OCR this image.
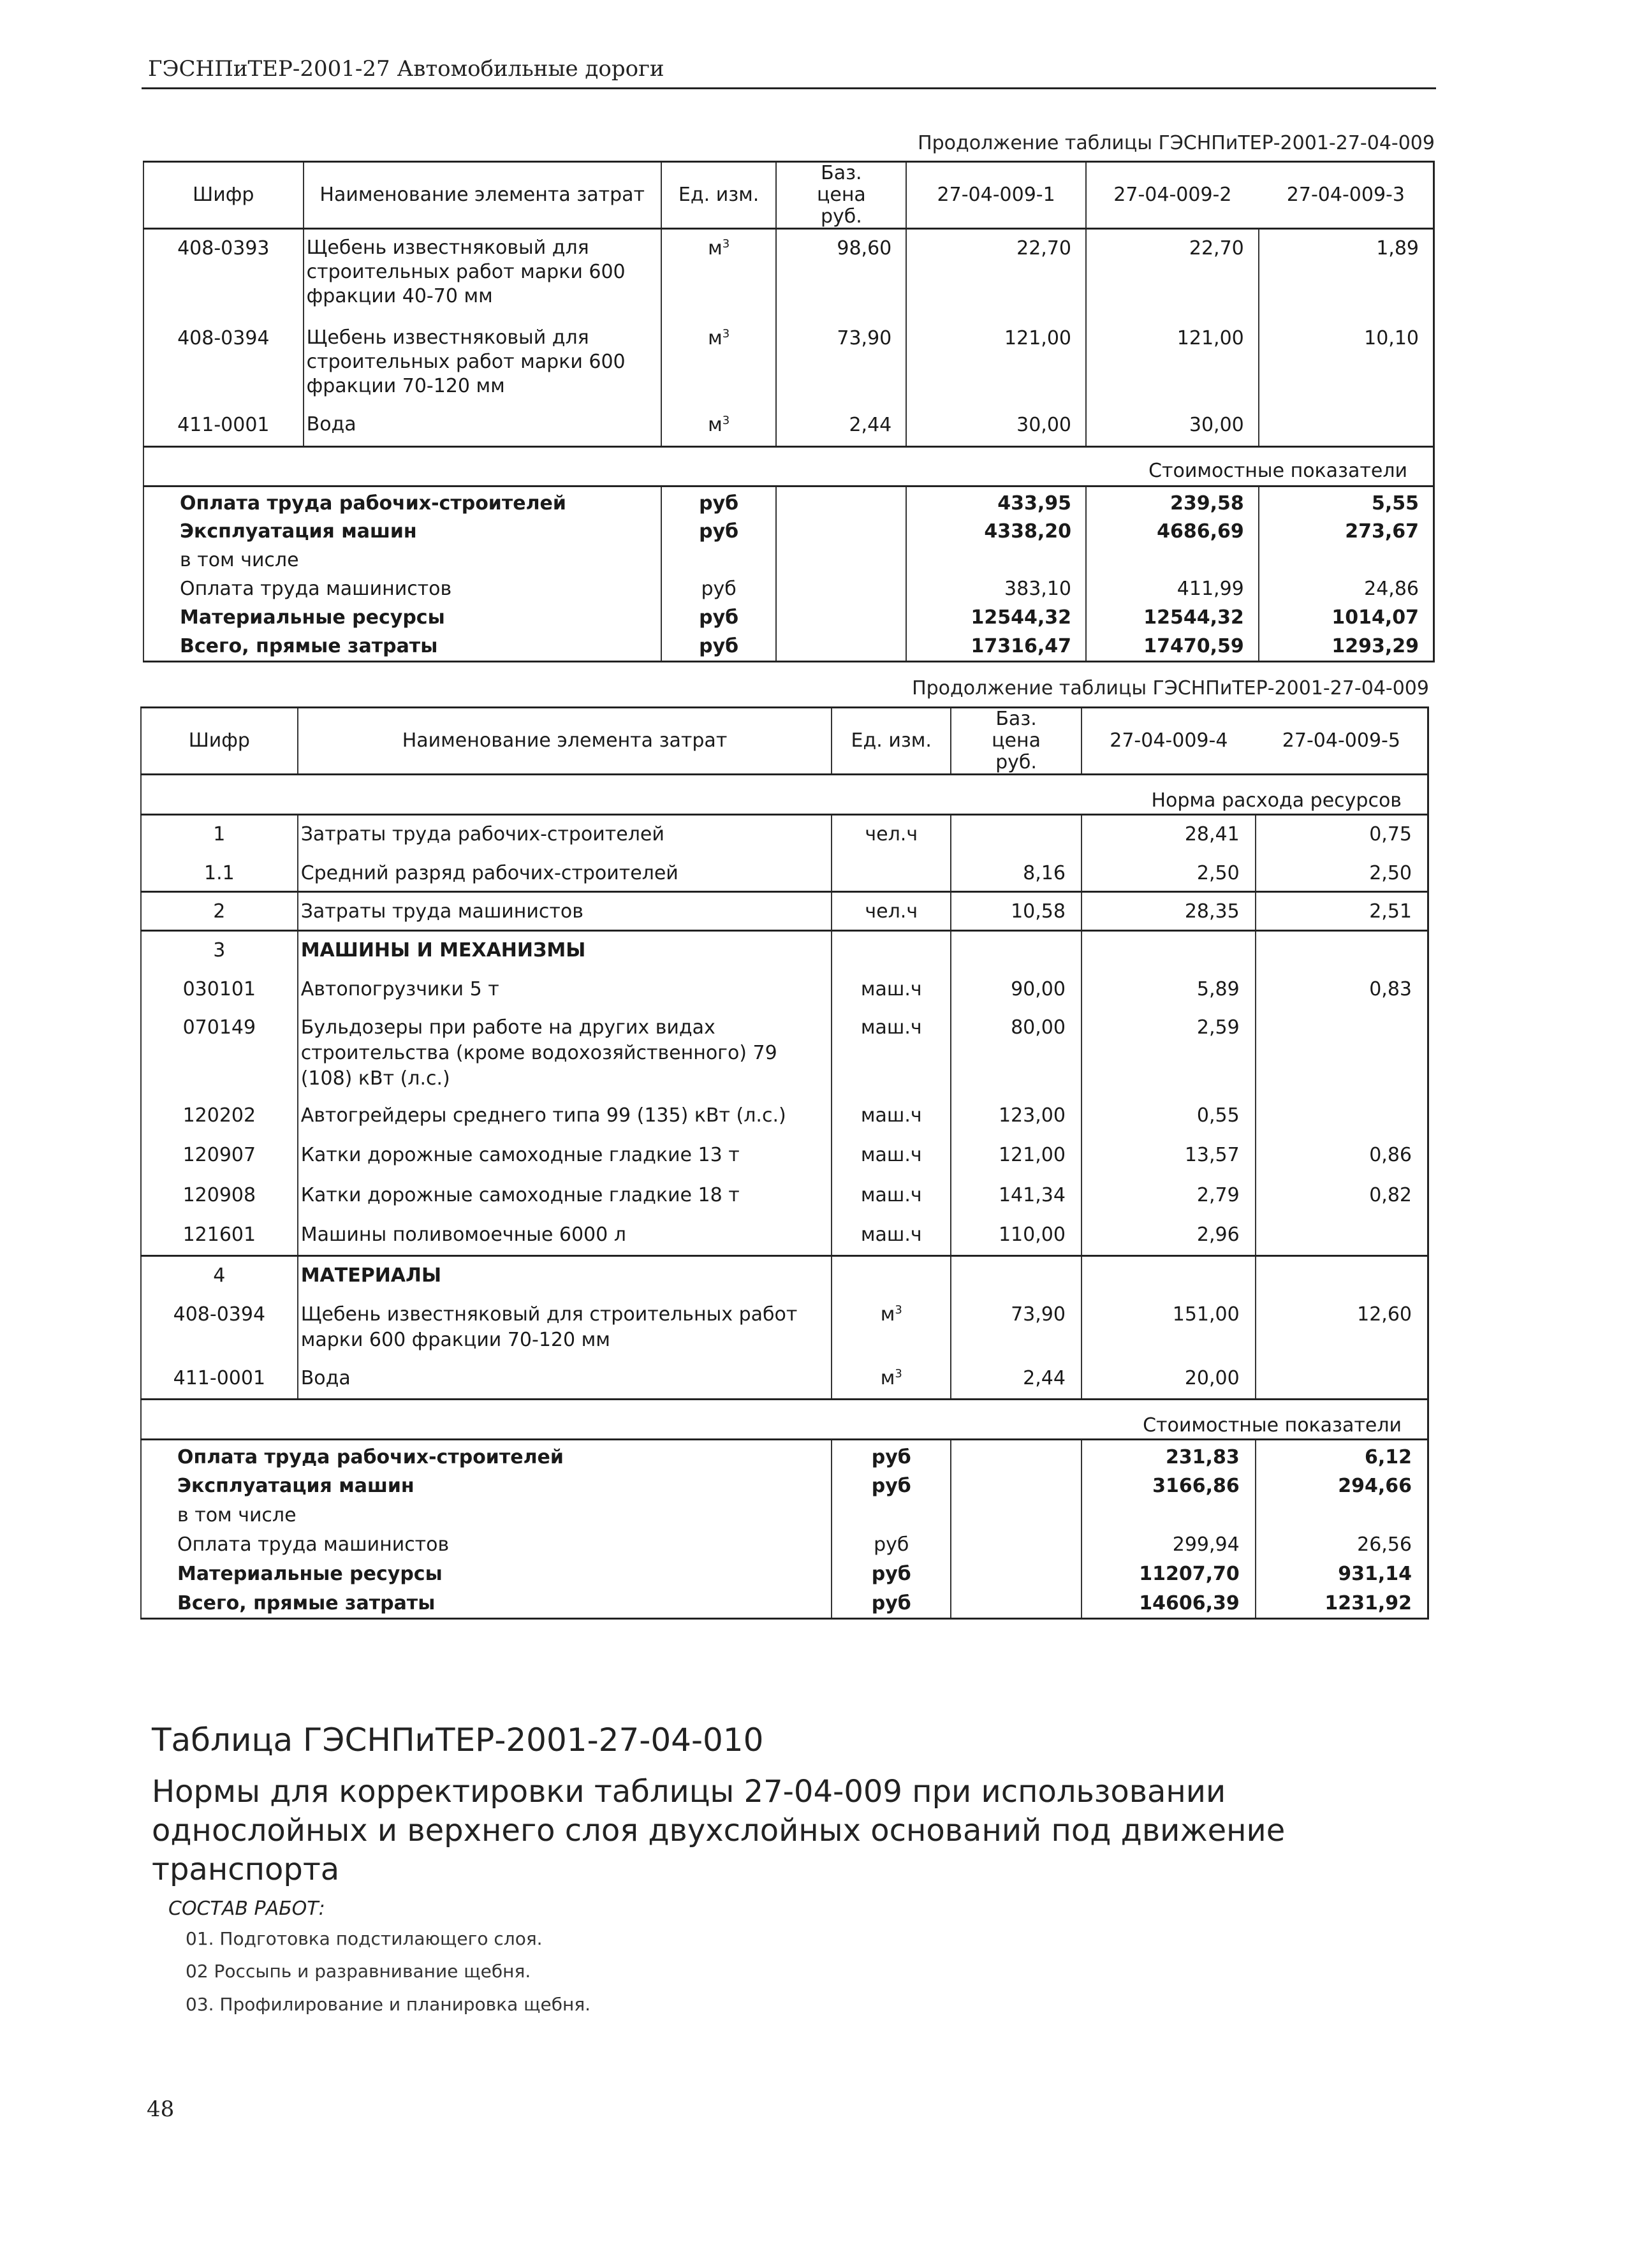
ГЭСНПиТЕР-2001-27 Автомобильные дороги
Продолжение таблицы ГЭСНПиТЕР-2001-27-04-009
Шифр	Наименование элемента затрат	Ед. изм.	Баз. цена руб.	27-04-009-1	27-04-009-2	27-04-009-3
408-0393	Щебень известняковый для строительных работ марки 600 фракции 40-70 мм	$м^3$	98,60	22,70	22,70	1,89
408-0394	Щебень известняковый для строительных работ марки 600 фракции 70-120 мм	$м^3$	73,90	121,00	121,00	10,10
411-0001	Вода	$м^3$	2,44	30,00	30,00	
Стоимостные показатели						
Оплата труда рабочих-строителей		руб		433,95	239,58	5,55
Эксплуатация машин		руб		4338,20	4686,69	273,67
в том числе						
Оплата труда машинистов		руб		383,10	411,99	24,86
Материальные ресурсы		руб		12544,32	12544,32	1014,07
Всего, прямые затраты		руб		17316,47	17470,59	1293,29
Продолжение таблицы ГЭСНПиТЕР-2001-27-04-009
Шифр	Наименование элемента затрат	Ед. изм.	Баз. цена руб.	27-04-009-4	27-04-009-5
Норма расхода ресурсов					
1	Затраты труда рабочих-строителей	чел.ч		28,41	0,75
1.1	Средний разряд рабочих-строителей		8,16	2,50	2,50
2	Затраты труда машинистов	чел.ч	10,58	28,35	2,51
3	МАШИНЫ И МЕХАНИЗМЫ				
030101	Автопогрузчики 5 т	маш.ч	90,00	5,89	0,83
070149	Бульдозеры при работе на других видах строительства (кроме водохозяйственного) 79 (108) кВт (л.с.)	маш.ч	80,00	2,59	
120202	Автогрейдеры среднего типа 99 (135) кВт (л.с.)	маш.ч	123,00	0,55	
120907	Катки дорожные самоходные гладкие 13 т	маш.ч	121,00	13,57	0,86
120908	Катки дорожные самоходные гладкие 18 т	маш.ч	141,34	2,79	0,82
121601	Машины поливомоечные 6000 л	маш.ч	110,00	2,96	
4	МАТЕРИАЛЫ				
408-0394	Щебень известняковый для строительных работ марки 600 фракции 70-120 мм	$м^3$	73,90	151,00	12,60
411-0001	Вода	$м^3$	2,44	20,00	
Стоимостные показатели					
Оплата труда рабочих-строителей		руб		231,83	6,12
Эксплуатация машин		руб		3166,86	294,66
в том числе					
Оплата труда машинистов		руб		299,94	26,56
Материальные ресурсы		руб		11207,70	931,14
Всего, прямые затраты		руб		14606,39	1231,92
Таблица ГЭСНПиТЕР-2001-27-04-010
Нормы для корректировки таблицы 27-04-009 при использовании однослойных и верхнего слоя двухслойных оснований под движение транспорта
СОСТАВ РАБОТ:
01. Подготовка подстилающего слоя.
02 Россыпь и разравнивание щебня.
03. Профилирование и планировка щебня.
48
